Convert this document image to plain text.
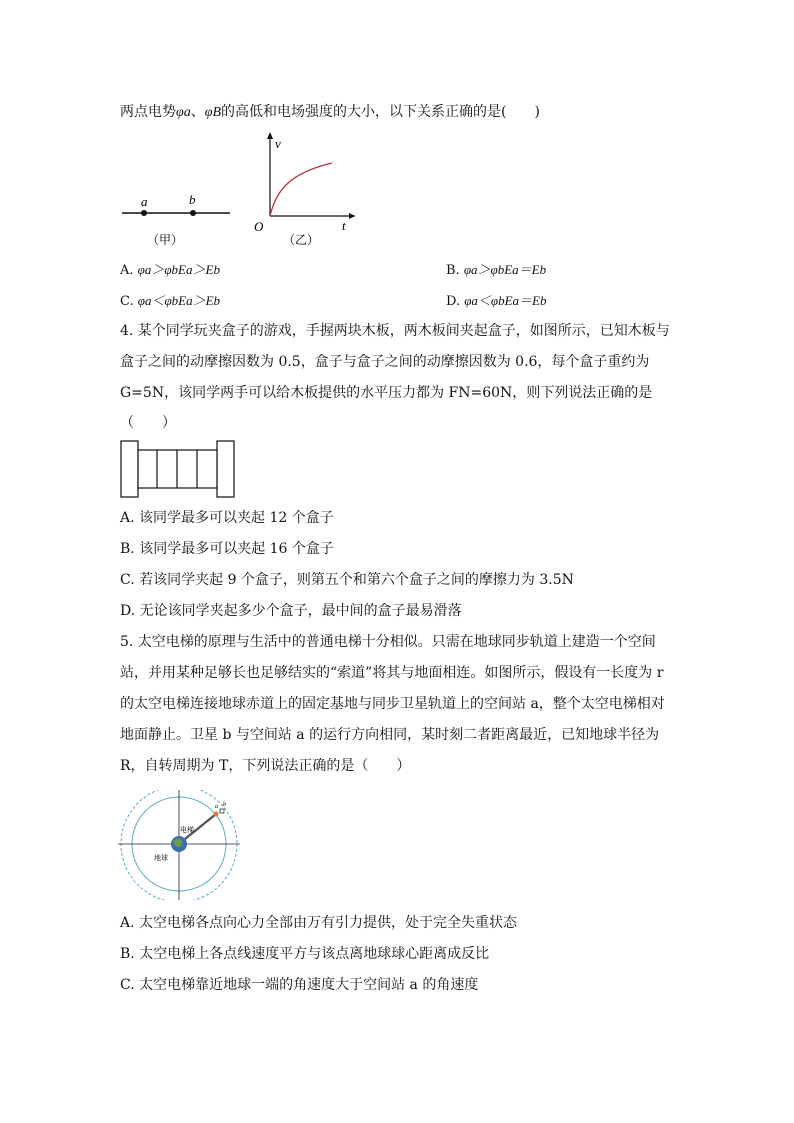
两点电势φa、φB的高低和电场强度的大小，以下关系正确的是(　　)
a	b
（甲）
v
t
O
（乙）
A. φa＞φbEa＞Eb	B. φa＞φbEa＝Eb
C. φa＜φbEa＞Eb	D. φa＜φbEa＝Eb
4. 某个同学玩夹盒子的游戏，手握两块木板，两木板间夹起盒子，如图所示，已知木板与
盒子之间的动摩擦因数为 0.5，盒子与盒子之间的动摩擦因数为 0.6，每个盒子重约为
G=5N，该同学两手可以给木板提供的水平压力都为 FN=60N，则下列说法正确的是
（　　）
A. 该同学最多可以夹起 12 个盒子
B. 该同学最多可以夹起 16 个盒子
C. 若该同学夹起 9 个盒子，则第五个和第六个盒子之间的摩擦力为 3.5N
D. 无论该同学夹起多少个盒子，最中间的盒子最易滑落
5. 太空电梯的原理与生活中的普通电梯十分相似。只需在地球同步轨道上建造一个空间
站，并用某种足够长也足够结实的“索道”将其与地面相连。如图所示，假设有一长度为 r
的太空电梯连接地球赤道上的固定基地与同步卫星轨道上的空间站 a，整个太空电梯相对
地面静止。卫星 b 与空间站 a 的运行方向相同，某时刻二者距离最近，已知地球半径为
R，自转周期为 T，下列说法正确的是（　　）
电梯
地球
a b
A. 太空电梯各点向心力全部由万有引力提供，处于完全失重状态
B. 太空电梯上各点线速度平方与该点离地球球心距离成反比
C. 太空电梯靠近地球一端的角速度大于空间站 a 的角速度
